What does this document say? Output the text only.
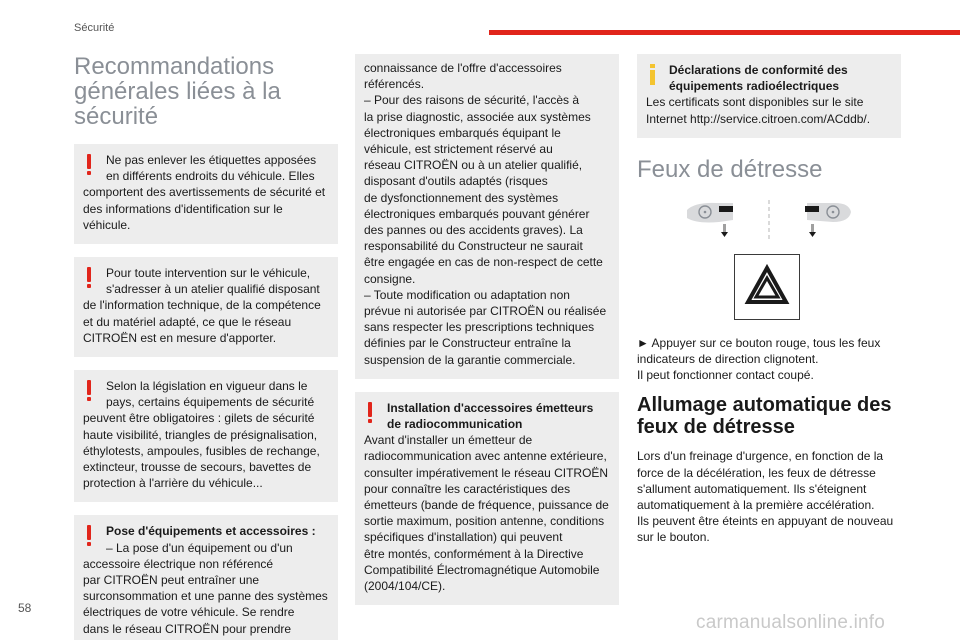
Sécurité
Recommandations
générales liées à la
sécurité

Ne pas enlever les étiquettes apposées
en différents endroits du véhicule. Elles
comportent des avertissements de sécurité et
des informations d'identification sur le
véhicule.

Pour toute intervention sur le véhicule,
s'adresser à un atelier qualifié disposant
de l'information technique, de la compétence
et du matériel adapté, ce que le réseau
CITROËN est en mesure d'apporter.

Selon la législation en vigueur dans le
pays, certains équipements de sécurité
peuvent être obligatoires : gilets de sécurité
haute visibilité, triangles de présignalisation,
éthylotests, ampoules, fusibles de rechange,
extincteur, trousse de secours, bavettes de
protection à l'arrière du véhicule...

Pose d'équipements et accessoires :
– La pose d'un équipement ou d'un
accessoire électrique non référencé
par CITROËN peut entraîner une
surconsommation et une panne des systèmes
électriques de votre véhicule. Se rendre
dans le réseau CITROËN pour prendre

connaissance de l'offre d'accessoires
référencés.
– Pour des raisons de sécurité, l'accès à
la prise diagnostic, associée aux systèmes
électroniques embarqués équipant le
véhicule, est strictement réservé au
réseau CITROËN ou à un atelier qualifié,
disposant d'outils adaptés (risques
de dysfonctionnement des systèmes
électroniques embarqués pouvant générer
des pannes ou des accidents graves). La
responsabilité du Constructeur ne saurait
être engagée en cas de non-respect de cette
consigne.
– Toute modification ou adaptation non
prévue ni autorisée par CITROËN ou réalisée
sans respecter les prescriptions techniques
définies par le Constructeur entraîne la
suspension de la garantie commerciale.

Installation d'accessoires émetteurs
de radiocommunication
Avant d'installer un émetteur de
radiocommunication avec antenne extérieure,
consulter impérativement le réseau CITROËN
pour connaître les caractéristiques des
émetteurs (bande de fréquence, puissance de
sortie maximum, position antenne, conditions
spécifiques d'installation) qui peuvent
être montés, conformément à la Directive
Compatibilité Électromagnétique Automobile
(2004/104/CE).

Déclarations de conformité des
équipements radioélectriques
Les certificats sont disponibles sur le site
Internet http://service.citroen.com/ACddb/.

Feux de détresse

► Appuyer sur ce bouton rouge, tous les feux
indicateurs de direction clignotent.
Il peut fonctionner contact coupé.

Allumage automatique des
feux de détresse

Lors d'un freinage d'urgence, en fonction de la
force de la décélération, les feux de détresse
s'allument automatiquement. Ils s'éteignent
automatiquement à la première accélération.
Ils peuvent être éteints en appuyant de nouveau
sur le bouton.

58
carmanualsonline.info
